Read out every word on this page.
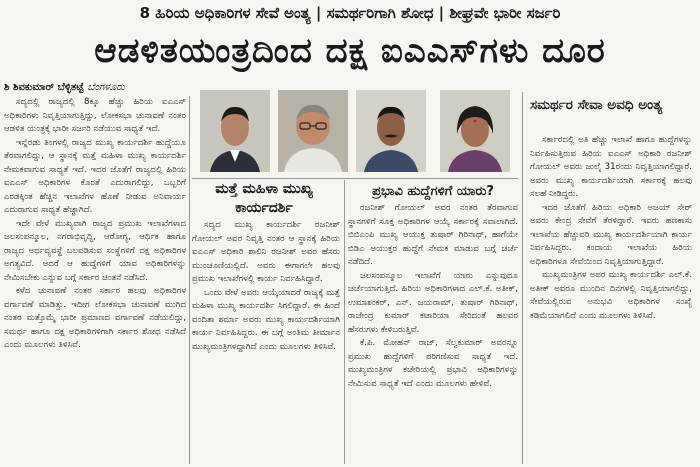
8 ಹಿರಿಯ ಅಧಿಕಾರಿಗಳ ಸೇವೆ ಅಂತ್ಯ | ಸಮರ್ಥರಿಗಾಗಿ ಶೋಧ | ಶೀಘ್ರವೇ ಭಾರೀ ಸರ್ಜರಿ
ಆಡಳಿತಯಂತ್ರದಿಂದ ದಕ್ಷ ಐಎಎಸ್‌ಗಳು ದೂರ
ಶಿ ಶಿವಕುಮಾರ್ ಬೆಳ್ಳಿತಟ್ಟೆ ಬೆಂಗಳೂರು

ಸದ್ಯದಲ್ಲಿ ರಾಜ್ಯದಲ್ಲಿ 8ಕ್ಕೂ ಹೆಚ್ಚು ಹಿರಿಯ ಐಎಎಸ್ ಅಧಿಕಾರಿಗಳು ನಿವೃತ್ತಿಯಾಗುತ್ತಿದ್ದು, ಲೋಕಸಭಾ ಚುನಾವಣೆ ನಂತರ ಆಡಳಿತ ಯಂತ್ರಕ್ಕೆ ಭಾರೀ ಸರ್ಜರಿ ನಡೆಯುವ ಸಾಧ್ಯತೆ ಇದೆ.

ಇನ್ನೆರಡು ತಿಂಗಳಲ್ಲಿ ರಾಜ್ಯದ ಮುಖ್ಯ ಕಾರ್ಯದರ್ಶಿ ಹುದ್ದೆಯೂ ತೆರವಾಗಲಿದ್ದು, ಆ ಸ್ಥಾನಕ್ಕೆ ಮತ್ತೆ ಮಹಿಳಾ ಮುಖ್ಯ ಕಾರ್ಯದರ್ಶಿ ನೇಮಕವಾಗುವ ಸಾಧ್ಯತೆ ಇದೆ. ಇದರ ಜೊತೆಗೆ ರಾಜ್ಯದಲ್ಲಿ ಹಿರಿಯ ಐಎಎಸ್ ಅಧಿಕಾರಿಗಳ ಕೊರತೆ ಎದುರಾಗಲಿದ್ದು, ಒಬ್ಬರಿಗೆ ಎರಡಕ್ಕಿಂತ ಹೆಚ್ಚಿನ ಇಲಾಖೆಗಳ ಹೊಣೆ ನೀಡುವ ಅನಿವಾರ್ಯ ಎದುರಾಗುವ ಸಾಧ್ಯತೆ ಹೆಚ್ಚಾಗಿದೆ.

ಇದೇ ವೇಳೆ ಮುಖ್ಯವಾಗಿ ರಾಜ್ಯದ ಪ್ರಮುಖ ಇಲಾಖೆಗಳಾದ ಜಲಸಂಪನ್ಮೂಲ, ನಗರಾಭಿವೃದ್ಧಿ, ಆರೋಗ್ಯ, ಆರ್ಥಿಕ ಹಾಗೂ ರಾಜ್ಯದ ಅರ್ಥವ್ಯವಸ್ಥೆ ಬಲಪಡಿಸುವ ಸಂಸ್ಥೆಗಳಿಗೆ ದಕ್ಷ ಅಧಿಕಾರಿಗಳ ಅಗತ್ಯವಿದೆ. ಆದರೆ ಆ ಹುದ್ದೆಗಳಿಗೆ ಯಾವ ಅಧಿಕಾರಿಗಳನ್ನು ನೇಮಿಸಬೇಕು ಎನ್ನುವ ಬಗ್ಗೆ ಸರ್ಕಾರ ಚಿಂತನೆ ನಡೆಸಿದೆ.

ಕಳೆದ ಚುನಾವಣೆ ನಂತರ ಸರ್ಕಾರ ಹಲವು ಅಧಿಕಾರಿಗಳ ವರ್ಗಾವಣೆ ಮಾಡಿತ್ತು. ಇದೀಗ ಲೋಕಸಭಾ ಚುನಾವಣೆ ಮುಗಿದ ನಂತರ ಮತ್ತೊಮ್ಮೆ ಭಾರೀ ಪ್ರಮಾಣದ ವರ್ಗಾವಣೆ ನಡೆಯಲಿದ್ದು, ಸಮರ್ಥ ಹಾಗೂ ದಕ್ಷ ಅಧಿಕಾರಿಗಳಿಗಾಗಿ ಸರ್ಕಾರ ಶೋಧ ನಡೆಸಿದೆ ಎಂದು ಮೂಲಗಳು ತಿಳಿಸಿವೆ.

ಮತ್ತೆ ಮಹಿಳಾ ಮುಖ್ಯ ಕಾರ್ಯದರ್ಶಿ

ಸದ್ಯದ ಮುಖ್ಯ ಕಾರ್ಯದರ್ಶಿ ರಜನೀಶ್ ಗೋಯಲ್ ಅವರ ನಿವೃತ್ತಿ ನಂತರ ಆ ಸ್ಥಾನಕ್ಕೆ ಹಿರಿಯ ಐಎಎಸ್ ಅಧಿಕಾರಿ ಶಾಲಿನಿ ರಜನೀಶ್ ಅವರ ಹೆಸರು ಮುಂಚೂಣಿಯಲ್ಲಿದೆ. ಅವರು ಈಗಾಗಲೇ ಹಲವು ಪ್ರಮುಖ ಇಲಾಖೆಗಳಲ್ಲಿ ಕಾರ್ಯ ನಿರ್ವಹಿಸಿದ್ದಾರೆ.

ಒಂದು ವೇಳೆ ಅವರು ಆಯ್ಕೆಯಾದರೆ ರಾಜ್ಯಕ್ಕೆ ಮತ್ತೆ ಮಹಿಳಾ ಮುಖ್ಯ ಕಾರ್ಯದರ್ಶಿ ಸಿಗಲಿದ್ದಾರೆ. ಈ ಹಿಂದೆ ವಂದಿತಾ ಶರ್ಮಾ ಅವರು ಮುಖ್ಯ ಕಾರ್ಯದರ್ಶಿಯಾಗಿ ಕಾರ್ಯ ನಿರ್ವಹಿಸಿದ್ದರು. ಈ ಬಗ್ಗೆ ಅಂತಿಮ ತೀರ್ಮಾನ ಮುಖ್ಯಮಂತ್ರಿಗಳದ್ದಾಗಿದೆ ಎಂದು ಮೂಲಗಳು ತಿಳಿಸಿವೆ.

ಪ್ರಭಾವಿ ಹುದ್ದೆಗಳಿಗೆ ಯಾರು?

ರಜನೀಶ್ ಗೋಯಲ್ ಅವರ ನಂತರ ತೆರವಾಗುವ ಸ್ಥಾನಗಳಿಗೆ ಸೂಕ್ತ ಅಧಿಕಾರಿಗಳ ಆಯ್ಕೆ ಸರ್ಕಾರಕ್ಕೆ ಸವಾಲಾಗಿದೆ. ಬಿಬಿಎಂಪಿ ಮುಖ್ಯ ಆಯುಕ್ತ ತುಷಾರ್ ಗಿರಿನಾಥ್, ಹಾಗೆಯೇ ಬಿಡಿಎ ಆಯುಕ್ತರ ಹುದ್ದೆಗೆ ನೇಮಕ ಮಾಡುವ ಬಗ್ಗೆ ಚರ್ಚೆ ನಡೆದಿದೆ.

ಜಲಸಂಪನ್ಮೂಲ ಇಲಾಖೆಗೆ ಯಾರು ಎನ್ನುವುದೂ ಚರ್ಚೆಯಾಗುತ್ತಿದೆ. ಹಿರಿಯ ಅಧಿಕಾರಿಗಳಾದ ಎಲ್.ಕೆ. ಅತೀಕ್, ಉಮಾಶಂಕರ್, ಎನ್. ಜಯರಾಮ್, ತುಷಾರ್ ಗಿರಿನಾಥ್, ರಾಜೇಂದ್ರ ಕುಮಾರ್ ಕಟಾರಿಯಾ ಸೇರಿದಂತೆ ಹಲವರ ಹೆಸರುಗಳು ಕೇಳಿಬರುತ್ತಿವೆ.

ಕೆ.ಪಿ. ಮೋಹನ್ ರಾಜ್, ಸೆಲ್ವಕುಮಾರ್ ಅವರನ್ನೂ ಪ್ರಮುಖ ಹುದ್ದೆಗಳಿಗೆ ಪರಿಗಣಿಸುವ ಸಾಧ್ಯತೆ ಇದೆ. ಮುಖ್ಯಮಂತ್ರಿಗಳ ಕಚೇರಿಯಲ್ಲಿ ಪ್ರಭಾವಿ ಅಧಿಕಾರಿಗಳನ್ನು ನೇಮಿಸುವ ಸಾಧ್ಯತೆ ಇದೆ ಎಂದು ಮೂಲಗಳು ಹೇಳಿವೆ.

ಸಮರ್ಥರ ಸೇವಾ ಅವಧಿ ಅಂತ್ಯ

ಸರ್ಕಾರದಲ್ಲಿ ಅತಿ ಹೆಚ್ಚು ಇಲಾಖೆ ಹಾಗೂ ಹುದ್ದೆಗಳನ್ನು ನಿರ್ವಹಿಸುತ್ತಿರುವ ಹಿರಿಯ ಐಎಎಸ್ ಅಧಿಕಾರಿ ರಜನೀಶ್ ಗೋಯಲ್ ಅವರು ಜುಲೈ 31ರಂದು ನಿವೃತ್ತಿಯಾಗಲಿದ್ದಾರೆ. ಅವರು ಮುಖ್ಯ ಕಾರ್ಯದರ್ಶಿಯಾಗಿ ಸರ್ಕಾರಕ್ಕೆ ಹಲವು ಸಲಹೆ ನೀಡಿದ್ದರು.

ಇದರ ಜೊತೆಗೆ ಹಿರಿಯ ಅಧಿಕಾರಿ ಅಜಯ್ ಸೇಠ್ ಅವರು ಕೇಂದ್ರ ಸೇವೆಗೆ ತೆರಳಿದ್ದಾರೆ. ಇವರು ಹಣಕಾಸು ಇಲಾಖೆಯ ಹೆಚ್ಚುವರಿ ಮುಖ್ಯ ಕಾರ್ಯದರ್ಶಿಯಾಗಿ ಕಾರ್ಯ ನಿರ್ವಹಿಸಿದ್ದರು. ಕಂದಾಯ ಇಲಾಖೆಯ ಹಿರಿಯ ಅಧಿಕಾರಿಗಳೂ ಸೇವೆಯಿಂದ ನಿವೃತ್ತಿಯಾಗುತ್ತಿದ್ದಾರೆ.

ಮುಖ್ಯಮಂತ್ರಿಗಳ ಅಪರ ಮುಖ್ಯ ಕಾರ್ಯದರ್ಶಿ ಎಲ್.ಕೆ. ಅತೀಕ್ ಅವರೂ ಮುಂದಿನ ದಿನಗಳಲ್ಲಿ ನಿವೃತ್ತಿಯಾಗಲಿದ್ದು, ಸೇವೆಯಲ್ಲಿರುವ ಅನುಭವಿ ಅಧಿಕಾರಿಗಳ ಸಂಖ್ಯೆ ಕಡಿಮೆಯಾಗಲಿದೆ ಎಂದು ಮೂಲಗಳು ತಿಳಿಸಿವೆ.
